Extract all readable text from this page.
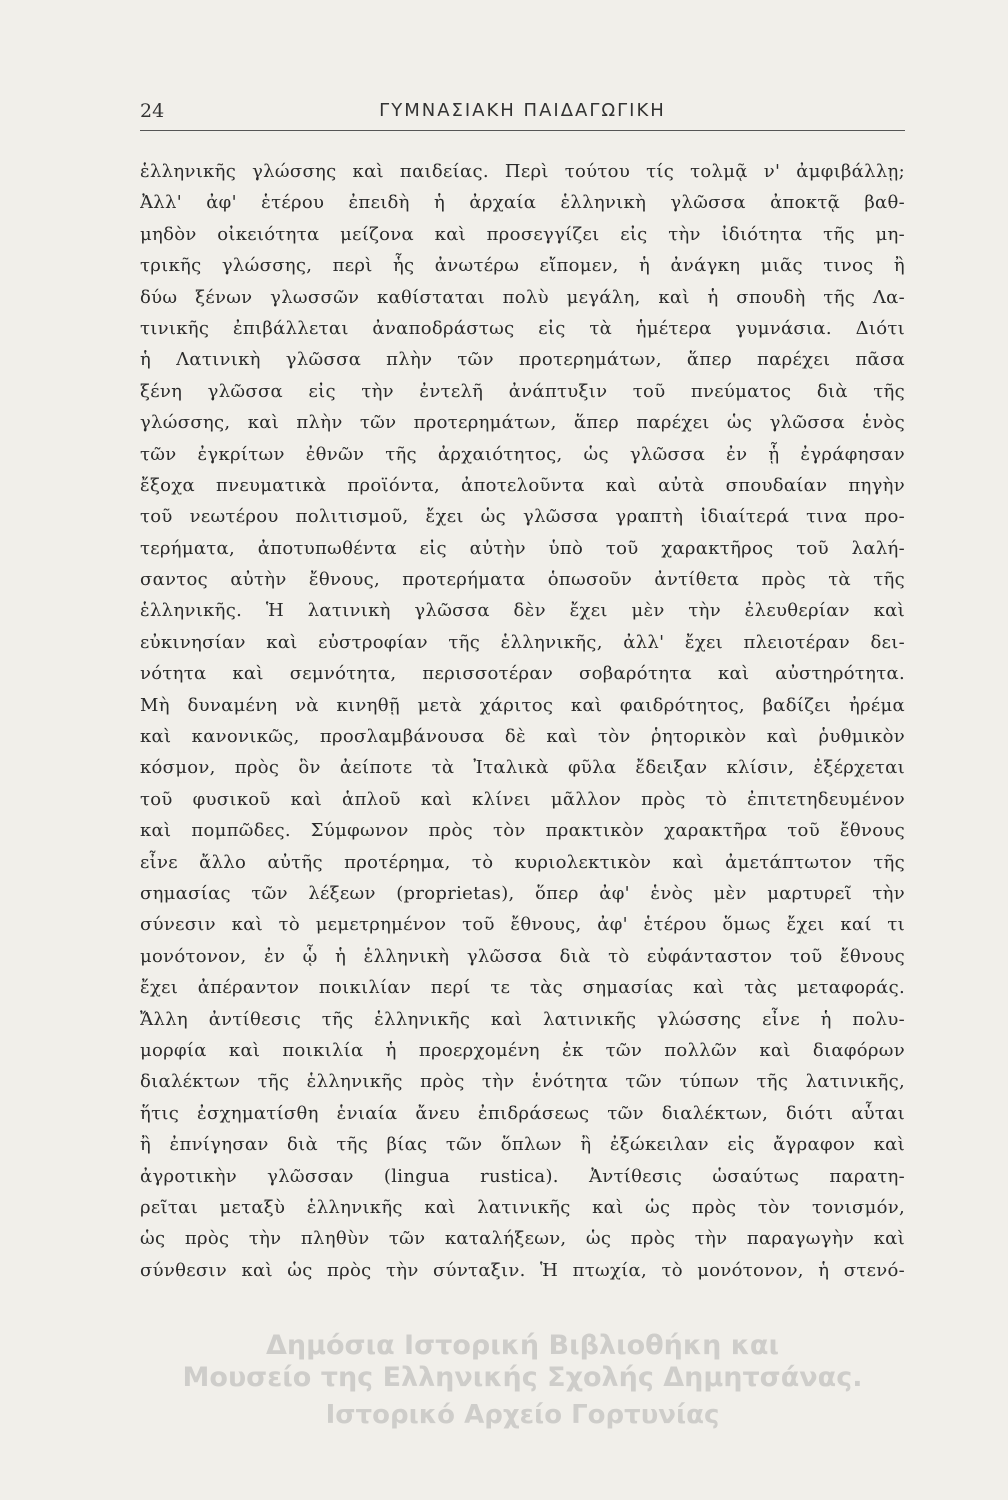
24	ΓΥΜΝΑΣΙΑΚΗ ΠΑΙΔΑΓΩΓΙΚΗ
ἑλληνικῆς γλώσσης καὶ παιδείας. Περὶ τούτου τίς τολμᾷ ν' ἀμφιβάλλῃ;
Ἀλλ' ἀφ' ἑτέρου ἐπειδὴ ἡ ἀρχαία ἑλληνικὴ γλῶσσα ἀποκτᾷ βαθ-
μηδὸν οἰκειότητα μείζονα καὶ προσεγγίζει εἰς τὴν ἰδιότητα τῆς μη-
τρικῆς γλώσσης, περὶ ἧς ἀνωτέρω εἴπομεν, ἡ ἀνάγκη μιᾶς τινος ἢ
δύω ξένων γλωσσῶν καθίσταται πολὺ μεγάλη, καὶ ἡ σπουδὴ τῆς Λα-
τινικῆς ἐπιβάλλεται ἀναποδράστως εἰς τὰ ἡμέτερα γυμνάσια. Διότι
ἡ Λατινικὴ γλῶσσα πλὴν τῶν προτερημάτων, ἅπερ παρέχει πᾶσα
ξένη γλῶσσα εἰς τὴν ἐντελῆ ἀνάπτυξιν τοῦ πνεύματος διὰ τῆς
γλώσσης, καὶ πλὴν τῶν προτερημάτων, ἅπερ παρέχει ὡς γλῶσσα ἑνὸς
τῶν ἐγκρίτων ἐθνῶν τῆς ἀρχαιότητος, ὡς γλῶσσα ἐν ᾗ ἐγράφησαν
ἔξοχα πνευματικὰ προϊόντα, ἀποτελοῦντα καὶ αὐτὰ σπουδαίαν πηγὴν
τοῦ νεωτέρου πολιτισμοῦ, ἔχει ὡς γλῶσσα γραπτὴ ἰδιαίτερά τινα προ-
τερήματα, ἀποτυπωθέντα εἰς αὐτὴν ὑπὸ τοῦ χαρακτῆρος τοῦ λαλή-
σαντος αὐτὴν ἔθνους, προτερήματα ὁπωσοῦν ἀντίθετα πρὸς τὰ τῆς
ἑλληνικῆς. Ἡ λατινικὴ γλῶσσα δὲν ἔχει μὲν τὴν ἐλευθερίαν καὶ
εὐκινησίαν καὶ εὐστροφίαν τῆς ἑλληνικῆς, ἀλλ' ἔχει πλειοτέραν δει-
νότητα καὶ σεμνότητα, περισσοτέραν σοβαρότητα καὶ αὐστηρότητα.
Μὴ δυναμένη νὰ κινηθῇ μετὰ χάριτος καὶ φαιδρότητος, βαδίζει ἠρέμα
καὶ κανονικῶς, προσλαμβάνουσα δὲ καὶ τὸν ῥητορικὸν καὶ ῥυθμικὸν
κόσμον, πρὸς ὃν ἀείποτε τὰ Ἰταλικὰ φῦλα ἔδειξαν κλίσιν, ἐξέρχεται
τοῦ φυσικοῦ καὶ ἁπλοῦ καὶ κλίνει μᾶλλον πρὸς τὸ ἐπιτετηδευμένον
καὶ πομπῶδες. Σύμφωνον πρὸς τὸν πρακτικὸν χαρακτῆρα τοῦ ἔθνους
εἶνε ἄλλο αὐτῆς προτέρημα, τὸ κυριολεκτικὸν καὶ ἀμετάπτωτον τῆς
σημασίας τῶν λέξεων (proprietas), ὅπερ ἀφ' ἑνὸς μὲν μαρτυρεῖ τὴν
σύνεσιν καὶ τὸ μεμετρημένον τοῦ ἔθνους, ἀφ' ἑτέρου ὅμως ἔχει καί τι
μονότονον, ἐν ᾧ ἡ ἑλληνικὴ γλῶσσα διὰ τὸ εὐφάνταστον τοῦ ἔθνους
ἔχει ἀπέραντον ποικιλίαν περί τε τὰς σημασίας καὶ τὰς μεταφοράς.
Ἄλλη ἀντίθεσις τῆς ἑλληνικῆς καὶ λατινικῆς γλώσσης εἶνε ἡ πολυ-
μορφία καὶ ποικιλία ἡ προερχομένη ἐκ τῶν πολλῶν καὶ διαφόρων
διαλέκτων τῆς ἑλληνικῆς πρὸς τὴν ἑνότητα τῶν τύπων τῆς λατινικῆς,
ἥτις ἐσχηματίσθη ἑνιαία ἄνευ ἐπιδράσεως τῶν διαλέκτων, διότι αὗται
ἢ ἐπνίγησαν διὰ τῆς βίας τῶν ὅπλων ἢ ἐξώκειλαν εἰς ἄγραφον καὶ
ἀγροτικὴν γλῶσσαν (lingua rustica). Ἀντίθεσις ὡσαύτως παρατη-
ρεῖται μεταξὺ ἑλληνικῆς καὶ λατινικῆς καὶ ὡς πρὸς τὸν τονισμόν,
ὡς πρὸς τὴν πληθὺν τῶν καταλήξεων, ὡς πρὸς τὴν παραγωγὴν καὶ
σύνθεσιν καὶ ὡς πρὸς τὴν σύνταξιν. Ἡ πτωχία, τὸ μονότονον, ἡ στενό-
Δημόσια Ιστορική Βιβλιοθήκη και
Μουσείο της Ελληνικής Σχολής Δημητσάνας.
Ιστορικό Αρχείο Γορτυνίας
